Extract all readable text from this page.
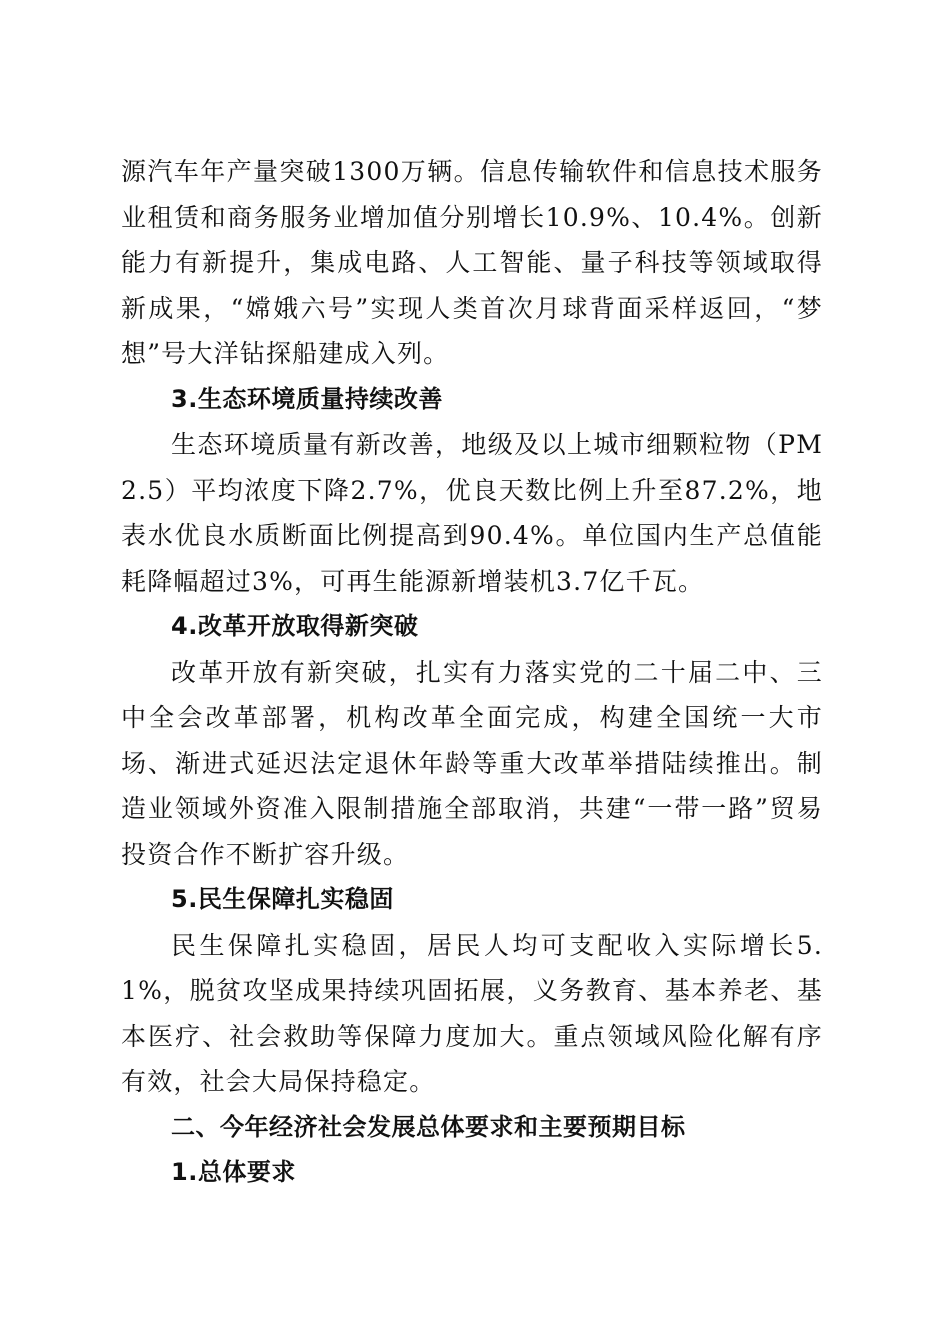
源汽车年产量突破1300万辆。信息传输软件和信息技术服务业租赁和商务服务业增加值分别增长10.9%、10.4%。创新能力有新提升，集成电路、人工智能、量子科技等领域取得新成果，“嫦娥六号”实现人类首次月球背面采样返回，“梦想”号大洋钻探船建成入列。

3.生态环境质量持续改善

生态环境质量有新改善，地级及以上城市细颗粒物（PM2.5）平均浓度下降2.7%，优良天数比例上升至87.2%，地表水优良水质断面比例提高到90.4%。单位国内生产总值能耗降幅超过3%，可再生能源新增装机3.7亿千瓦。

4.改革开放取得新突破

改革开放有新突破，扎实有力落实党的二十届二中、三中全会改革部署，机构改革全面完成，构建全国统一大市场、渐进式延迟法定退休年龄等重大改革举措陆续推出。制造业领域外资准入限制措施全部取消，共建“一带一路”贸易投资合作不断扩容升级。

5.民生保障扎实稳固

民生保障扎实稳固，居民人均可支配收入实际增长5.1%，脱贫攻坚成果持续巩固拓展，义务教育、基本养老、基本医疗、社会救助等保障力度加大。重点领域风险化解有序有效，社会大局保持稳定。

二、今年经济社会发展总体要求和主要预期目标

1.总体要求
